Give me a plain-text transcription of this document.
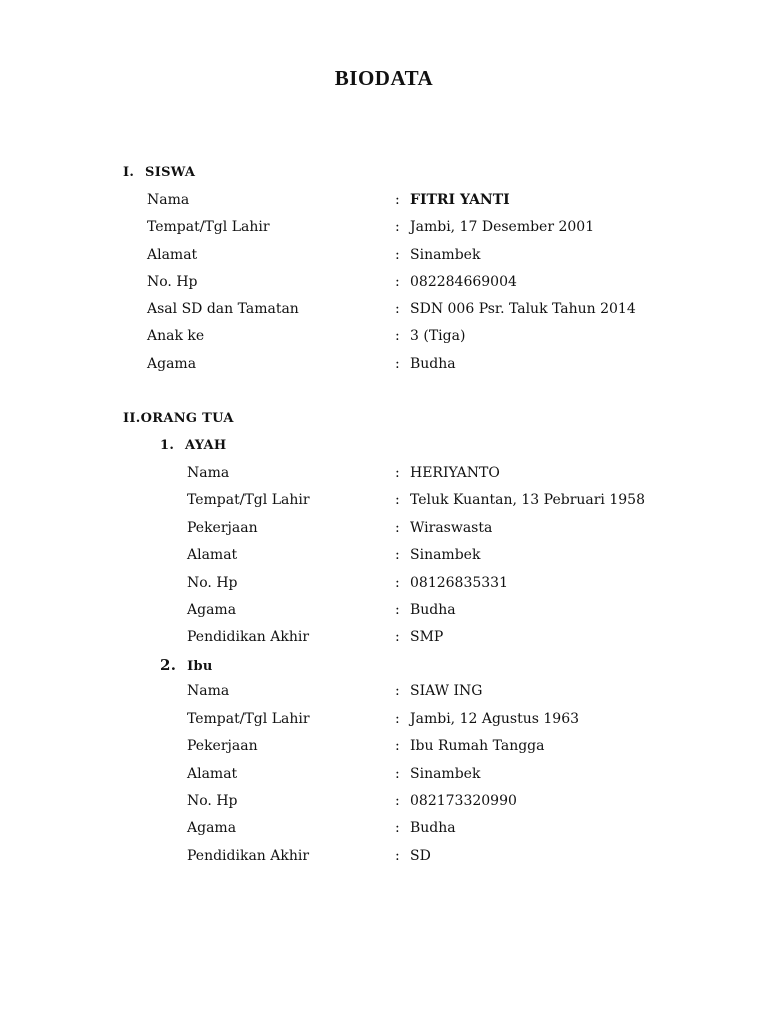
BIODATA
I. SISWA
Nama	: FITRI YANTI
Tempat/Tgl Lahir	: Jambi, 17 Desember 2001
Alamat	: Sinambek
No. Hp	: 082284669004
Asal SD dan Tamatan	: SDN 006 Psr. Taluk Tahun 2014
Anak ke	: 3 (Tiga)
Agama	: Budha
II.ORANG TUA
1. AYAH
Nama	: HERIYANTO
Tempat/Tgl Lahir	: Teluk Kuantan, 13 Pebruari 1958
Pekerjaan	: Wiraswasta
Alamat	: Sinambek
No. Hp	: 08126835331
Agama	: Budha
Pendidikan Akhir	: SMP
2. Ibu
Nama	: SIAW ING
Tempat/Tgl Lahir	: Jambi, 12 Agustus 1963
Pekerjaan	: Ibu Rumah Tangga
Alamat	: Sinambek
No. Hp	: 082173320990
Agama	: Budha
Pendidikan Akhir	: SD
